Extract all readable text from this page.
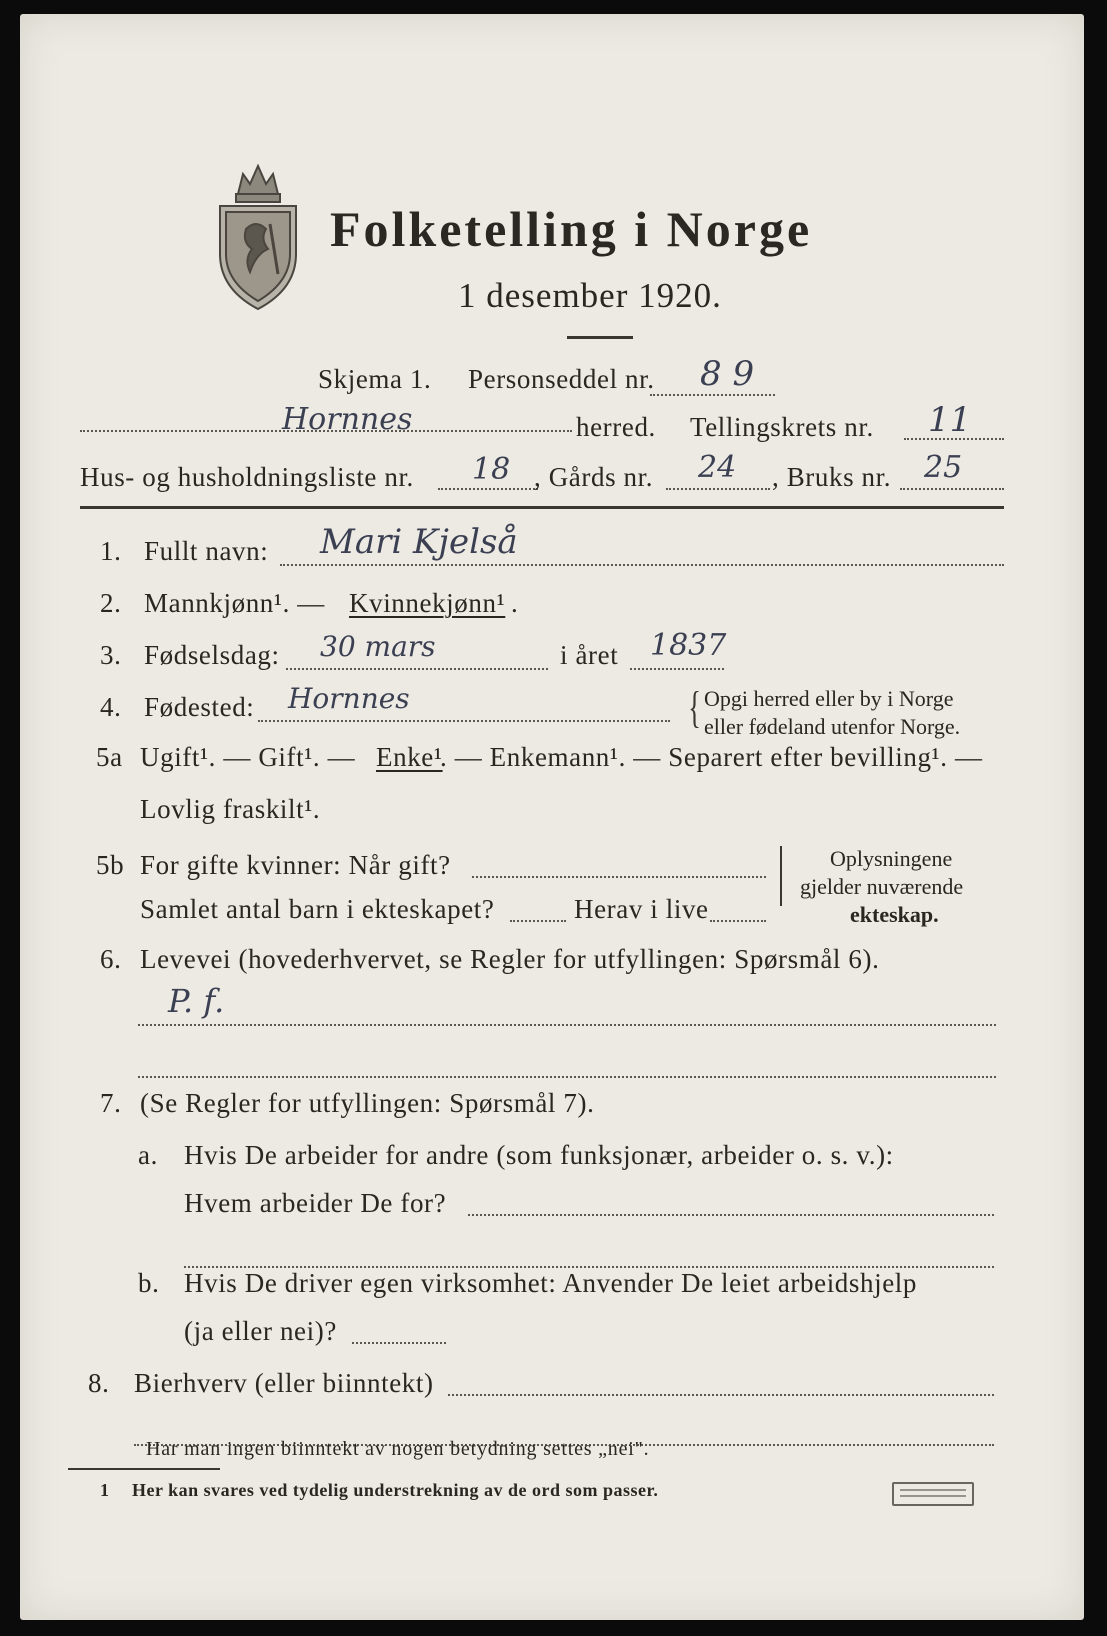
Folketelling i Norge
1 desember 1920.
Skjema 1. Personseddel nr. 8 9
Hornnes	herred. Tellingskrets nr. 11
Hus- og husholdningsliste nr. 18 , Gårds nr. 24 , Bruks nr. 25
1. Fullt navn: Mari Kjelså
2. Mannkjønn¹. — Kvinnekjønn¹ .
3. Fødselsdag: 30 mars	i året 1837
4. Fødested: Hornnes	{ Opgi herred eller by i Norge
eller fødeland utenfor Norge.
5a Ugift¹. — Gift¹. — Enke¹
. — Enkemann¹. — Separert efter bevilling¹. —
Lovlig fraskilt¹.
5b For gifte kvinner: Når gift?
Samlet antal barn i ekteskapet?	Herav i live
Oplysningene
gjelder nuværende
ekteskap.
6. Levevei (hovederhvervet, se Regler for utfyllingen: Spørsmål 6).
P. f.
7. (Se Regler for utfyllingen: Spørsmål 7).
a. Hvis De arbeider for andre (som funksjonær, arbeider o. s. v.):
Hvem arbeider De for?
b. Hvis De driver egen virksomhet: Anvender De leiet arbeidshjelp
(ja eller nei)?
8. Bierhverv (eller biinntekt)
Har man ingen biinntekt av nogen betydning settes „nei".
1 Her kan svares ved tydelig understrekning av de ord som passer.
